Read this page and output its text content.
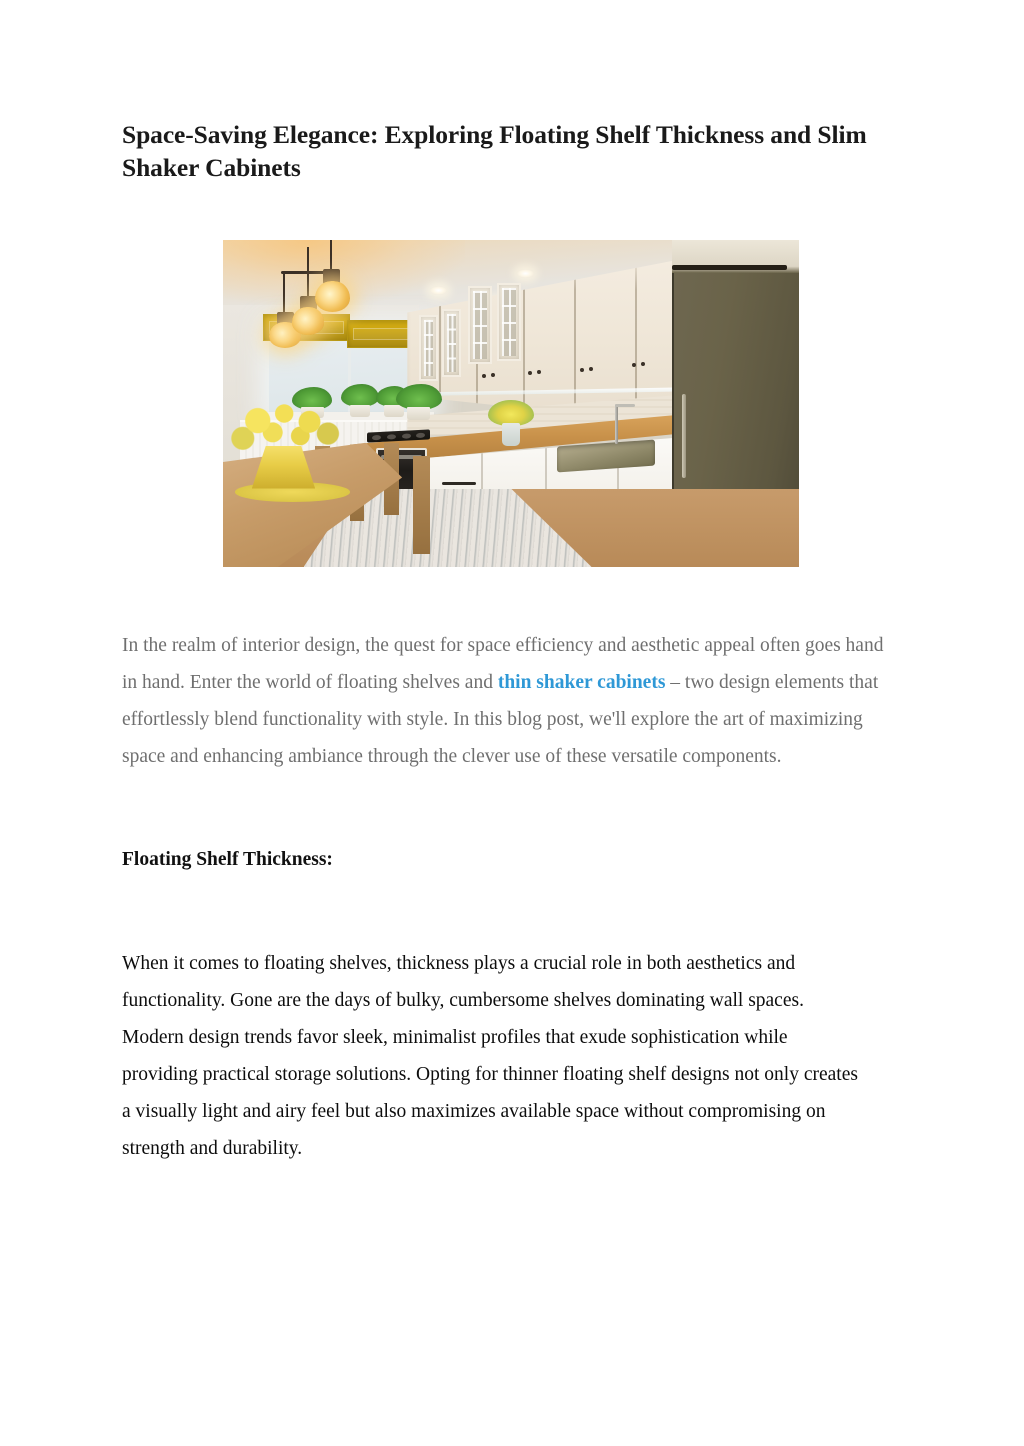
Space-Saving Elegance: Exploring Floating Shelf Thickness and Slim Shaker Cabinets

In the realm of interior design, the quest for space efficiency and aesthetic appeal often goes hand in hand. Enter the world of floating shelves and thin shaker cabinets – two design elements that effortlessly blend functionality with style. In this blog post, we'll explore the art of maximizing space and enhancing ambiance through the clever use of these versatile components.

Floating Shelf Thickness:

When it comes to floating shelves, thickness plays a crucial role in both aesthetics and functionality. Gone are the days of bulky, cumbersome shelves dominating wall spaces. Modern design trends favor sleek, minimalist profiles that exude sophistication while providing practical storage solutions. Opting for thinner floating shelf designs not only creates a visually light and airy feel but also maximizes available space without compromising on strength and durability.
